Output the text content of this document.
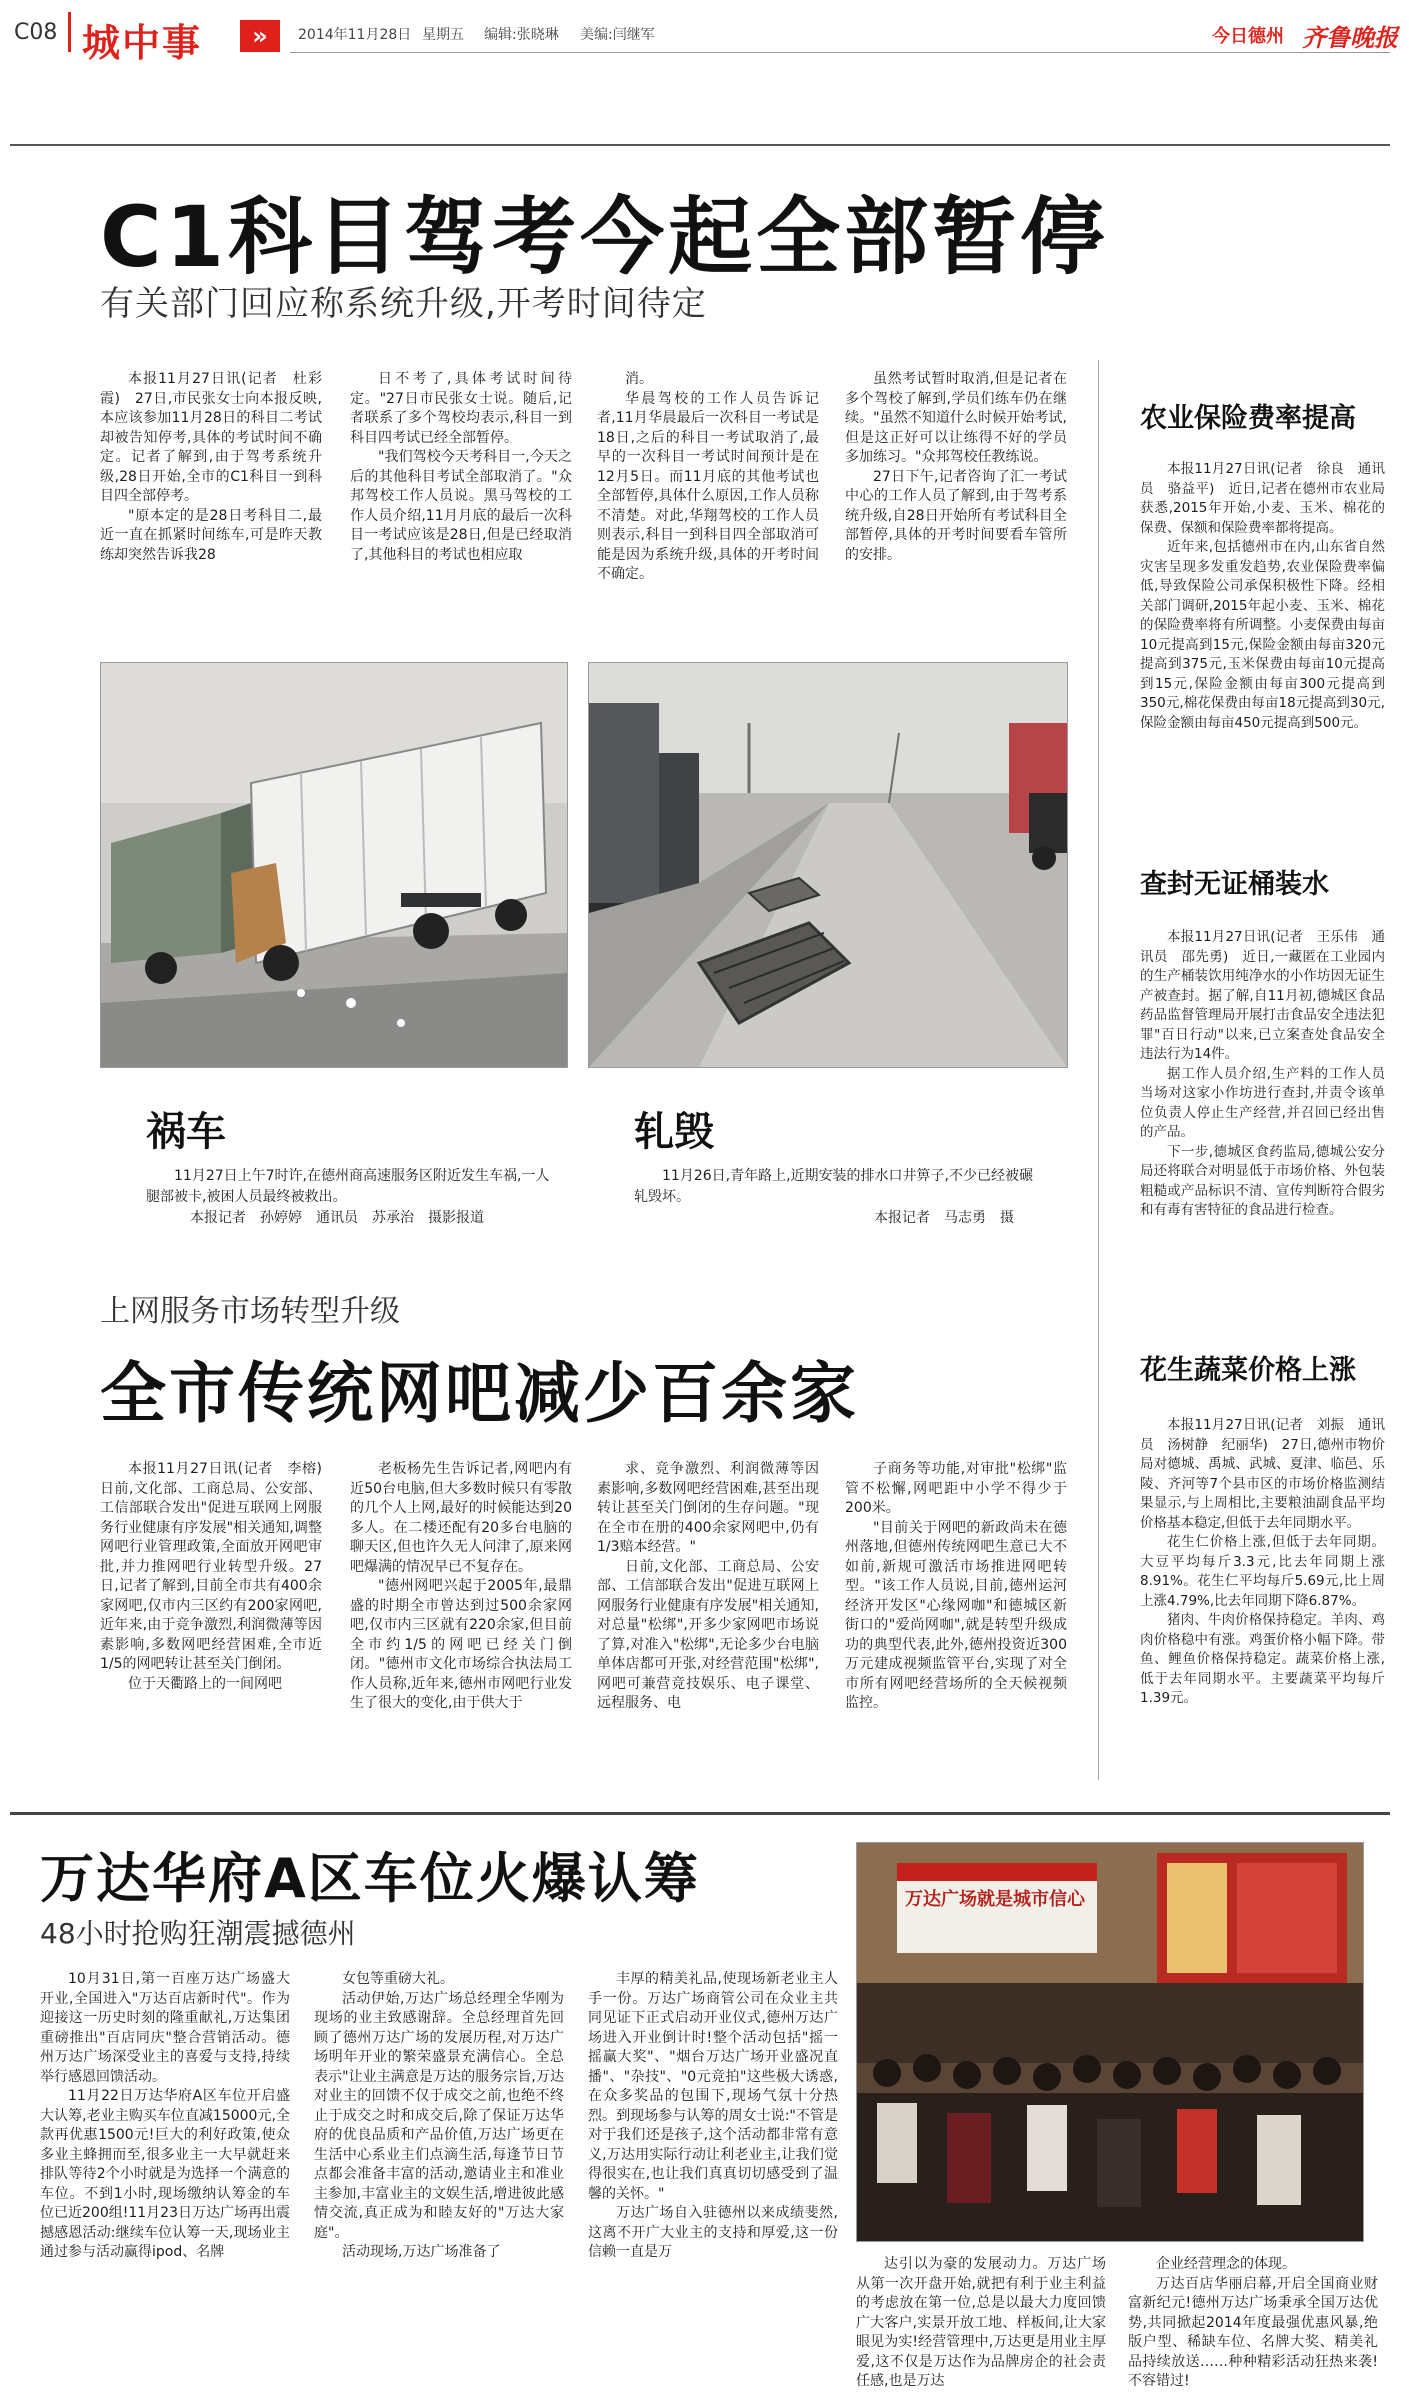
C08 城中事	»	2014年11月28日 星期五 编辑:张晓琳 美编:闫继军	今日德州 齐鲁晚报
C1科目驾考今起全部暂停
有关部门回应称系统升级,开考时间待定

本报11月27日讯(记者　杜彩霞)　27日,市民张女士向本报反映,本应该参加11月28日的科目二考试却被告知停考,具体的考试时间不确定。记者了解到,由于驾考系统升级,28日开始,全市的C1科目一到科目四全部停考。

"原本定的是28日考科目二,最近一直在抓紧时间练车,可是昨天教练却突然告诉我28

日不考了,具体考试时间待定。"27日市民张女士说。随后,记者联系了多个驾校均表示,科目一到科目四考试已经全部暂停。

"我们驾校今天考科目一,今天之后的其他科目考试全部取消了。"众邦驾校工作人员说。黑马驾校的工作人员介绍,11月月底的最后一次科目一考试应该是28日,但是已经取消了,其他科目的考试也相应取

消。

华晨驾校的工作人员告诉记者,11月华晨最后一次科目一考试是18日,之后的科目一考试取消了,最早的一次科目一考试时间预计是在12月5日。而11月底的其他考试也全部暂停,具体什么原因,工作人员称不清楚。对此,华翔驾校的工作人员则表示,科目一到科目四全部取消可能是因为系统升级,具体的开考时间不确定。

虽然考试暂时取消,但是记者在多个驾校了解到,学员们练车仍在继续。"虽然不知道什么时候开始考试,但是这正好可以让练得不好的学员多加练习。"众邦驾校任教练说。

27日下午,记者咨询了汇一考试中心的工作人员了解到,由于驾考系统升级,自28日开始所有考试科目全部暂停,具体的开考时间要看车管所的安排。

祸车
11月27日上午7时许,在德州商高速服务区附近发生车祸,一人腿部被卡,被困人员最终被救出。
本报记者　孙婷婷　通讯员　苏承治　摄影报道
轧毁
11月26日,青年路上,近期安装的排水口井箅子,不少已经被碾轧毁坏。
本报记者　马志勇　摄
上网服务市场转型升级
全市传统网吧减少百余家

本报11月27日讯(记者　李榕)　日前,文化部、工商总局、公安部、工信部联合发出"促进互联网上网服务行业健康有序发展"相关通知,调整网吧行业管理政策,全面放开网吧审批,并力推网吧行业转型升级。27日,记者了解到,目前全市共有400余家网吧,仅市内三区约有200家网吧,近年来,由于竞争激烈,利润微薄等因素影响,多数网吧经营困难,全市近1/5的网吧转让甚至关门倒闭。

位于天衢路上的一间网吧

老板杨先生告诉记者,网吧内有近50台电脑,但大多数时候只有零散的几个人上网,最好的时候能达到20多人。在二楼还配有20多台电脑的聊天区,但也许久无人问津了,原来网吧爆满的情况早已不复存在。

"德州网吧兴起于2005年,最鼎盛的时期全市曾达到过500余家网吧,仅市内三区就有220余家,但目前全市约1/5的网吧已经关门倒闭。"德州市文化市场综合执法局工作人员称,近年来,德州市网吧行业发生了很大的变化,由于供大于

求、竞争激烈、利润微薄等因素影响,多数网吧经营困难,甚至出现转让甚至关门倒闭的生存问题。"现在全市在册的400余家网吧中,仍有1/3赔本经营。"

日前,文化部、工商总局、公安部、工信部联合发出"促进互联网上网服务行业健康有序发展"相关通知,对总量"松绑",开多少家网吧市场说了算,对准入"松绑",无论多少台电脑单体店都可开张,对经营范围"松绑",网吧可兼营竞技娱乐、电子课堂、远程服务、电

子商务等功能,对审批"松绑"监管不松懈,网吧距中小学不得少于200米。

"目前关于网吧的新政尚未在德州落地,但德州传统网吧生意已大不如前,新规可激活市场推进网吧转型。"该工作人员说,目前,德州运河经济开发区"心缘网咖"和德城区新街口的"爱尚网咖",就是转型升级成功的典型代表,此外,德州投资近300万元建成视频监管平台,实现了对全市所有网吧经营场所的全天候视频监控。

农业保险费率提高

本报11月27日讯(记者　徐良　通讯员　骆益平)　近日,记者在德州市农业局获悉,2015年开始,小麦、玉米、棉花的保费、保额和保险费率都将提高。

近年来,包括德州市在内,山东省自然灾害呈现多发重发趋势,农业保险费率偏低,导致保险公司承保积极性下降。经相关部门调研,2015年起小麦、玉米、棉花的保险费率将有所调整。小麦保费由每亩10元提高到15元,保险金额由每亩320元提高到375元,玉米保费由每亩10元提高到15元,保险金额由每亩300元提高到350元,棉花保费由每亩18元提高到30元,保险金额由每亩450元提高到500元。

查封无证桶装水

本报11月27日讯(记者　王乐伟　通讯员　邵先勇)　近日,一藏匿在工业园内的生产桶装饮用纯净水的小作坊因无证生产被查封。据了解,自11月初,德城区食品药品监督管理局开展打击食品安全违法犯罪"百日行动"以来,已立案查处食品安全违法行为14件。

据工作人员介绍,生产料的工作人员当场对这家小作坊进行查封,并责令该单位负责人停止生产经营,并召回已经出售的产品。

下一步,德城区食药监局,德城公安分局还将联合对明显低于市场价格、外包装粗糙或产品标识不清、宣传判断符合假劣和有毒有害特征的食品进行检查。

花生蔬菜价格上涨

本报11月27日讯(记者　刘振　通讯员　汤树静　纪丽华)　27日,德州市物价局对德城、禹城、武城、夏津、临邑、乐陵、齐河等7个县市区的市场价格监测结果显示,与上周相比,主要粮油副食品平均价格基本稳定,但低于去年同期水平。

花生仁价格上涨,但低于去年同期。大豆平均每斤3.3元,比去年同期上涨8.91%。花生仁平均每斤5.69元,比上周上涨4.79%,比去年同期下降6.87%。

猪肉、牛肉价格保持稳定。羊肉、鸡肉价格稳中有涨。鸡蛋价格小幅下降。带鱼、鲤鱼价格保持稳定。蔬菜价格上涨,低于去年同期水平。主要蔬菜平均每斤1.39元。

万达华府A区车位火爆认筹
48小时抢购狂潮震撼德州

10月31日,第一百座万达广场盛大开业,全国进入"万达百店新时代"。作为迎接这一历史时刻的隆重献礼,万达集团重磅推出"百店同庆"整合营销活动。德州万达广场深受业主的喜爱与支持,持续举行感恩回馈活动。

11月22日万达华府A区车位开启盛大认筹,老业主购买车位直减15000元,全款再优惠1500元!巨大的利好政策,使众多业主蜂拥而至,很多业主一大早就赶来排队等待2个小时就是为选择一个满意的车位。不到1小时,现场缴纳认筹金的车位已近200组!11月23日万达广场再出震撼感恩活动:继续车位认筹一天,现场业主通过参与活动赢得ipod、名牌

女包等重磅大礼。

活动伊始,万达广场总经理全华刚为现场的业主致感谢辞。全总经理首先回顾了德州万达广场的发展历程,对万达广场明年开业的繁荣盛景充满信心。全总表示"让业主满意是万达的服务宗旨,万达对业主的回馈不仅于成交之前,也绝不终止于成交之时和成交后,除了保证万达华府的优良品质和产品价值,万达广场更在生活中心系业主们点滴生活,每逢节日节点都会准备丰富的活动,邀请业主和准业主参加,丰富业主的文娱生活,增进彼此感情交流,真正成为和睦友好的"万达大家庭"。

活动现场,万达广场准备了

丰厚的精美礼品,使现场新老业主人手一份。万达广场商管公司在众业主共同见证下正式启动开业仪式,德州万达广场进入开业倒计时!整个活动包括"摇一摇赢大奖"、"烟台万达广场开业盛况直播"、"杂技"、"0元竞拍"这些极大诱惑,在众多奖品的包围下,现场气氛十分热烈。到现场参与认筹的周女士说:"不管是对于我们还是孩子,这个活动都非常有意义,万达用实际行动让利老业主,让我们觉得很实在,也让我们真真切切感受到了温馨的关怀。"

万达广场自入驻德州以来成绩斐然,这离不开广大业主的支持和厚爱,这一份信赖一直是万

达引以为豪的发展动力。万达广场从第一次开盘开始,就把有利于业主利益的考虑放在第一位,总是以最大力度回馈广大客户,实景开放工地、样板间,让大家眼见为实!经营管理中,万达更是用业主厚爱,这不仅是万达作为品牌房企的社会责任感,也是万达

企业经营理念的体现。

万达百店华丽启幕,开启全国商业财富新纪元!德州万达广场秉承全国万达优势,共同掀起2014年度最强优惠风暴,绝版户型、稀缺车位、名牌大奖、精美礼品持续放送……种种精彩活动狂热来袭!不容错过!

万达广场就是城市信心
